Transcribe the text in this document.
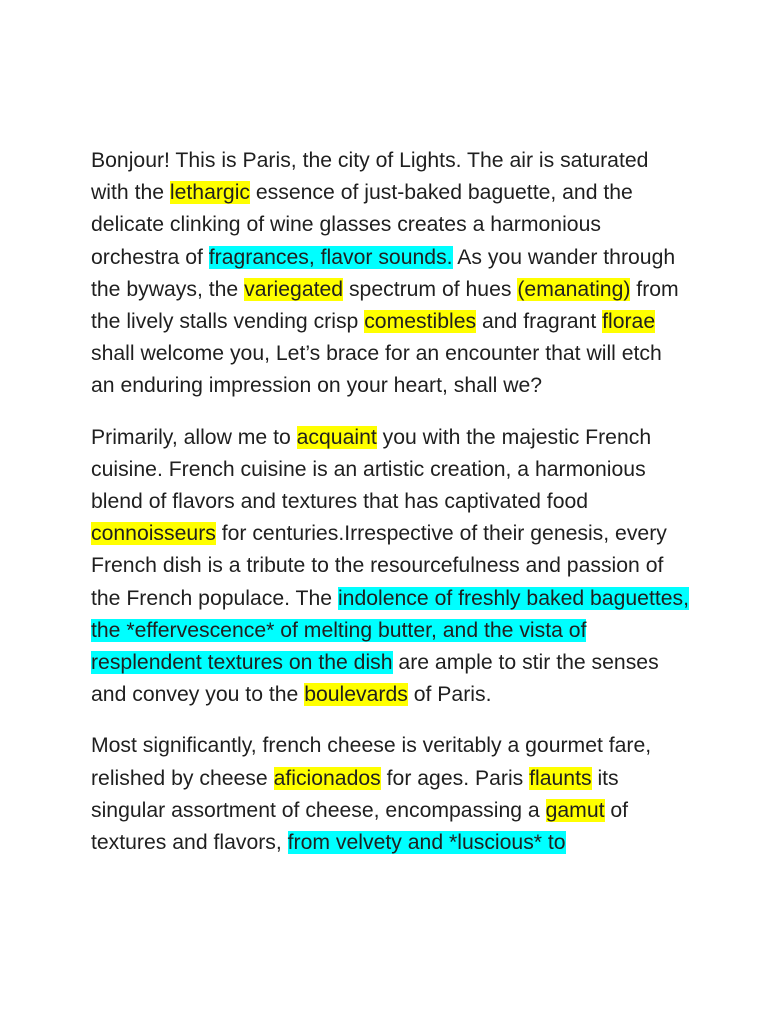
Bonjour! This is Paris, the city of Lights. The air is saturated with the lethargic essence of just-baked baguette, and the delicate clinking of wine glasses creates a harmonious orchestra of fragrances, flavor sounds. As you wander through the byways, the variegated spectrum of hues (emanating) from the lively stalls vending crisp comestibles and fragrant florae shall welcome you, Let’s brace for an encounter that will etch an enduring impression on your heart, shall we?

Primarily, allow me to acquaint you with the majestic French cuisine. French cuisine is an artistic creation, a harmonious blend of flavors and textures that has captivated food connoisseurs for centuries.Irrespective of their genesis, every French dish is a tribute to the resourcefulness and passion of the French populace. The indolence of freshly baked baguettes, the *effervescence* of melting butter, and the vista of resplendent textures on the dish are ample to stir the senses and convey you to the boulevards of Paris.

Most significantly, french cheese is veritably a gourmet fare, relished by cheese aficionados for ages. Paris flaunts its singular assortment of cheese, encompassing a gamut of textures and flavors, from velvety and *luscious* to
